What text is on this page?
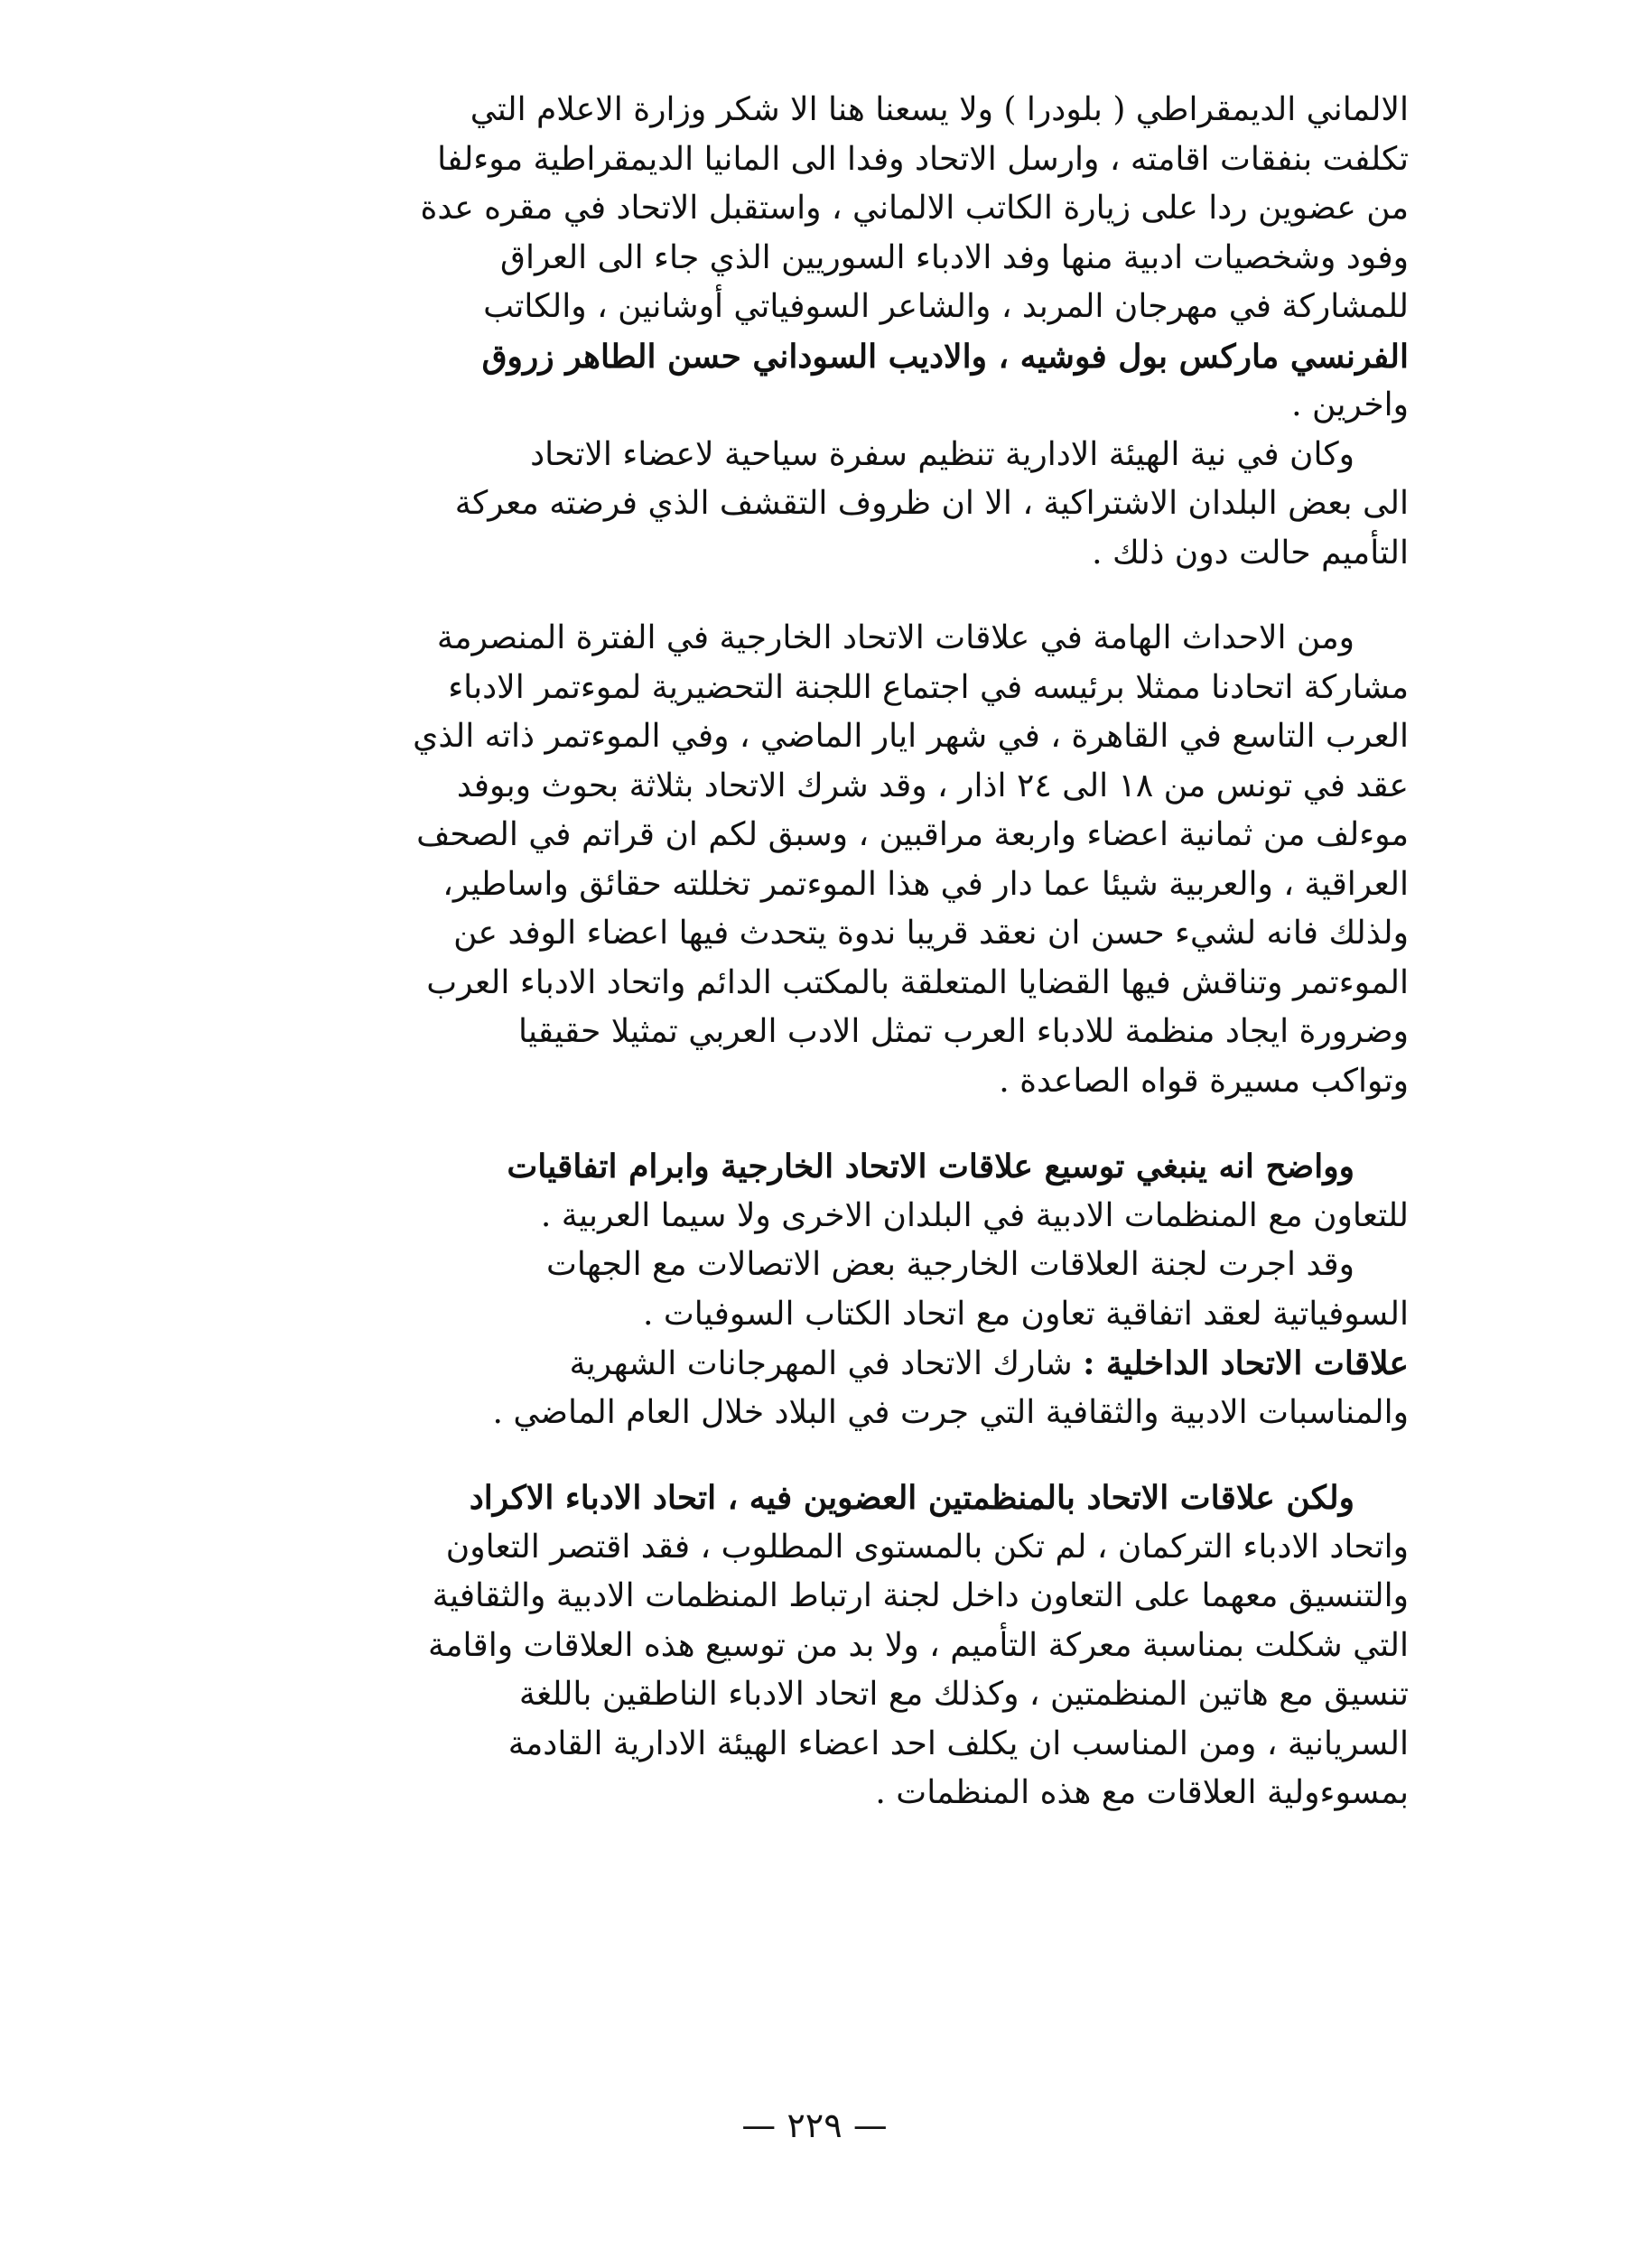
الالماني الديمقراطي ( بلودرا ) ولا يسعنا هنا الا شكر وزارة الاعلام التي
تكلفت بنفقات اقامته ، وارسل الاتحاد وفدا الى المانيا الديمقراطية موءلفا
من عضوين ردا على زيارة الكاتب الالماني ، واستقبل الاتحاد في مقره عدة
وفود وشخصيات ادبية منها وفد الادباء السوريين الذي جاء الى العراق
للمشاركة في مهرجان المربد ، والشاعر السوفياتي أوشانين ، والكاتب
الفرنسي ماركس بول فوشيه ، والاديب السوداني حسن الطاهر زروق
واخرين .
وكان في نية الهيئة الادارية تنظيم سفرة سياحية لاعضاء الاتحاد
الى بعض البلدان الاشتراكية ، الا ان ظروف التقشف الذي فرضته معركة
التأميم حالت دون ذلك .
ومن الاحداث الهامة في علاقات الاتحاد الخارجية في الفترة المنصرمة
مشاركة اتحادنا ممثلا برئيسه في اجتماع اللجنة التحضيرية لموءتمر الادباء
العرب التاسع في القاهرة ، في شهر ايار الماضي ، وفي الموءتمر ذاته الذي
عقد في تونس من ١٨ الى ٢٤ اذار ، وقد شرك الاتحاد بثلاثة بحوث وبوفد
موءلف من ثمانية اعضاء واربعة مراقبين ، وسبق لكم ان قراتم في الصحف
العراقية ، والعربية شيئا عما دار في هذا الموءتمر تخللته حقائق واساطير،
ولذلك فانه لشيء حسن ان نعقد قريبا ندوة يتحدث فيها اعضاء الوفد عن
الموءتمر وتناقش فيها القضايا المتعلقة بالمكتب الدائم واتحاد الادباء العرب
وضرورة ايجاد منظمة للادباء العرب تمثل الادب العربي تمثيلا حقيقيا
وتواكب مسيرة قواه الصاعدة .
وواضح انه ينبغي توسيع علاقات الاتحاد الخارجية وابرام اتفاقيات
للتعاون مع المنظمات الادبية في البلدان الاخرى ولا سيما العربية .
وقد اجرت لجنة العلاقات الخارجية بعض الاتصالات مع الجهات
السوفياتية لعقد اتفاقية تعاون مع اتحاد الكتاب السوفيات .
علاقات الاتحاد الداخلية : شارك الاتحاد في المهرجانات الشهرية
والمناسبات الادبية والثقافية التي جرت في البلاد خلال العام الماضي .
ولكن علاقات الاتحاد بالمنظمتين العضوين فيه ، اتحاد الادباء الاكراد
واتحاد الادباء التركمان ، لم تكن بالمستوى المطلوب ، فقد اقتصر التعاون
والتنسيق معهما على التعاون داخل لجنة ارتباط المنظمات الادبية والثقافية
التي شكلت بمناسبة معركة التأميم ، ولا بد من توسيع هذه العلاقات واقامة
تنسيق مع هاتين المنظمتين ، وكذلك مع اتحاد الادباء الناطقين باللغة
السريانية ، ومن المناسب ان يكلف احد اعضاء الهيئة الادارية القادمة
بمسوءولية العلاقات مع هذه المنظمات .
— ٢٢٩ —
